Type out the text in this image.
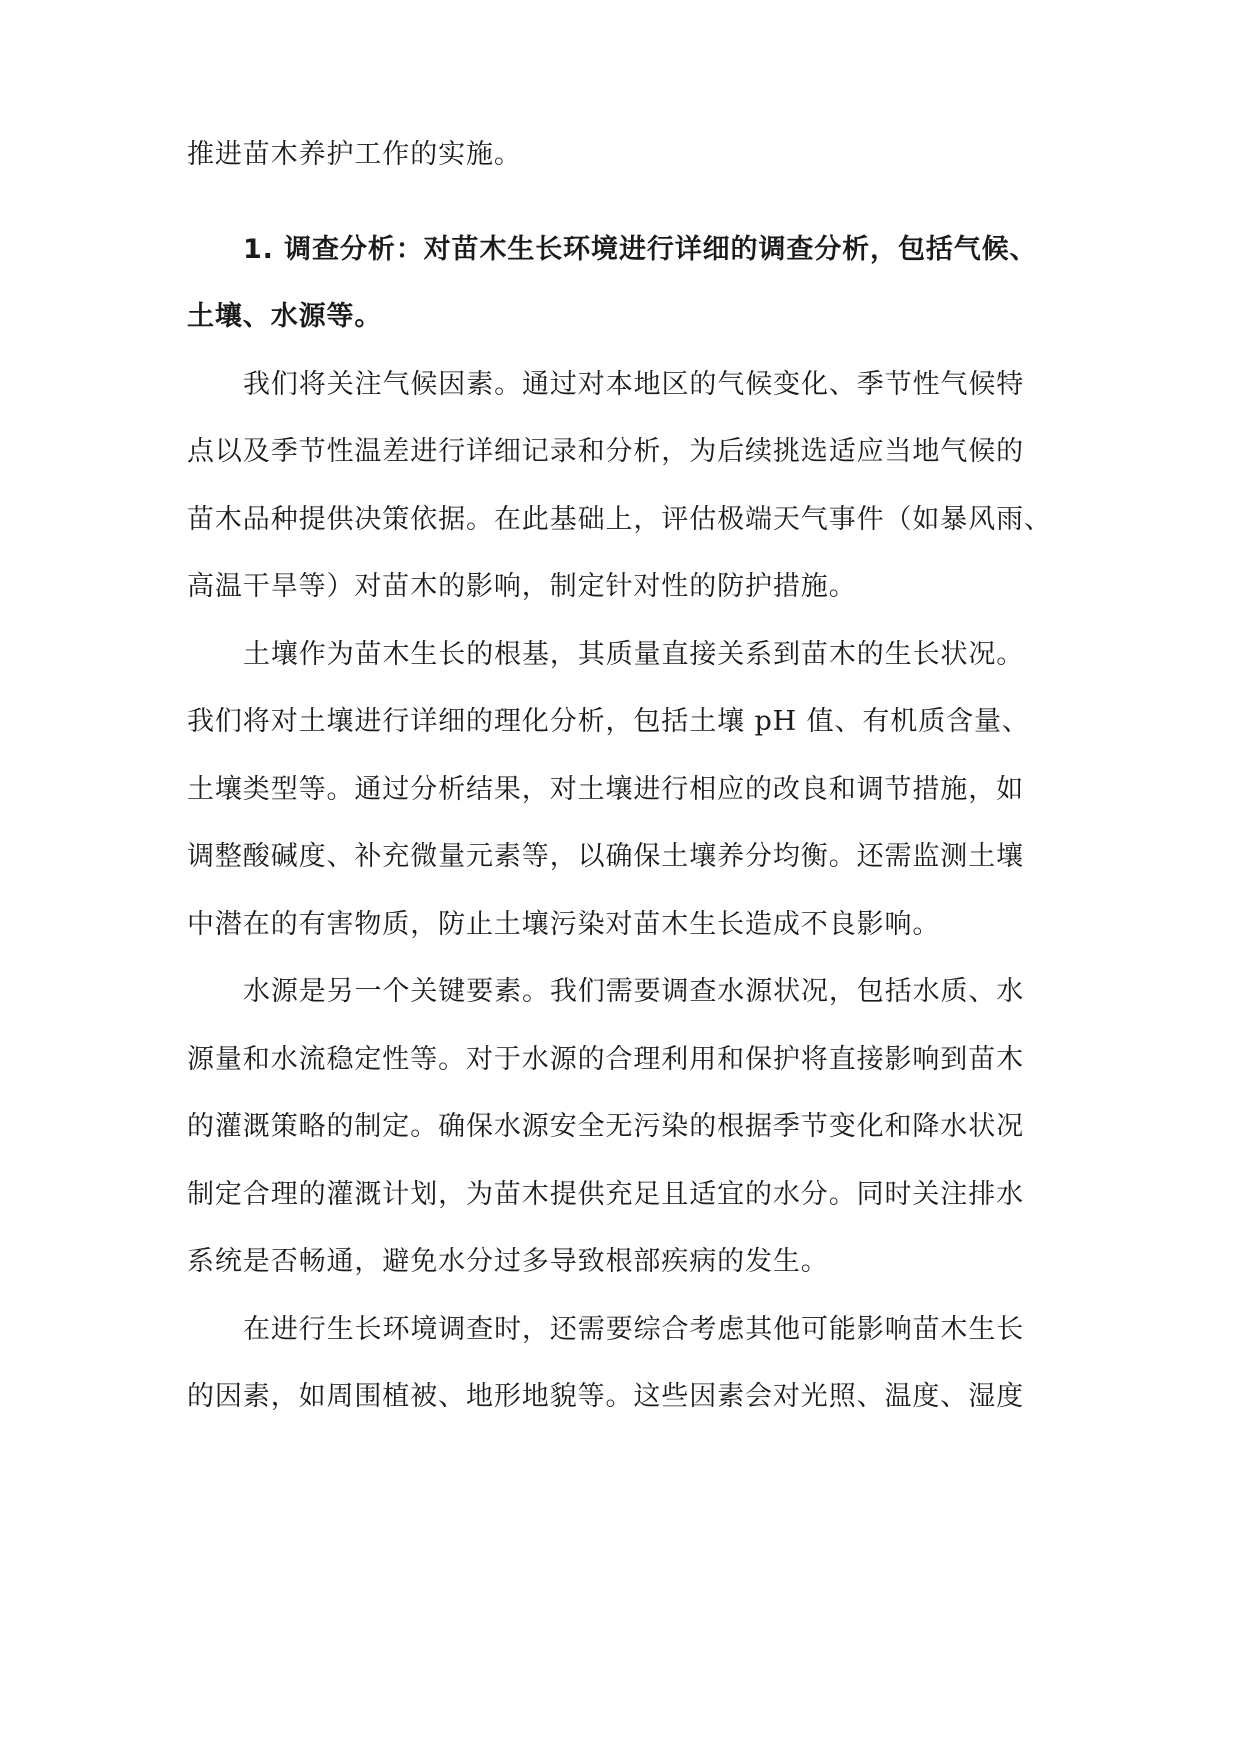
推进苗木养护工作的实施。
1. 调查分析：对苗木生长环境进行详细的调查分析，包括气候、
土壤、水源等。
我们将关注气候因素。通过对本地区的气候变化、季节性气候特
点以及季节性温差进行详细记录和分析，为后续挑选适应当地气候的
苗木品种提供决策依据。在此基础上，评估极端天气事件（如暴风雨、
高温干旱等）对苗木的影响，制定针对性的防护措施。
土壤作为苗木生长的根基，其质量直接关系到苗木的生长状况。
我们将对土壤进行详细的理化分析，包括土壤 pH 值、有机质含量、
土壤类型等。通过分析结果，对土壤进行相应的改良和调节措施，如
调整酸碱度、补充微量元素等，以确保土壤养分均衡。还需监测土壤
中潜在的有害物质，防止土壤污染对苗木生长造成不良影响。
水源是另一个关键要素。我们需要调查水源状况，包括水质、水
源量和水流稳定性等。对于水源的合理利用和保护将直接影响到苗木
的灌溉策略的制定。确保水源安全无污染的根据季节变化和降水状况
制定合理的灌溉计划，为苗木提供充足且适宜的水分。同时关注排水
系统是否畅通，避免水分过多导致根部疾病的发生。
在进行生长环境调查时，还需要综合考虑其他可能影响苗木生长
的因素，如周围植被、地形地貌等。这些因素会对光照、温度、湿度
